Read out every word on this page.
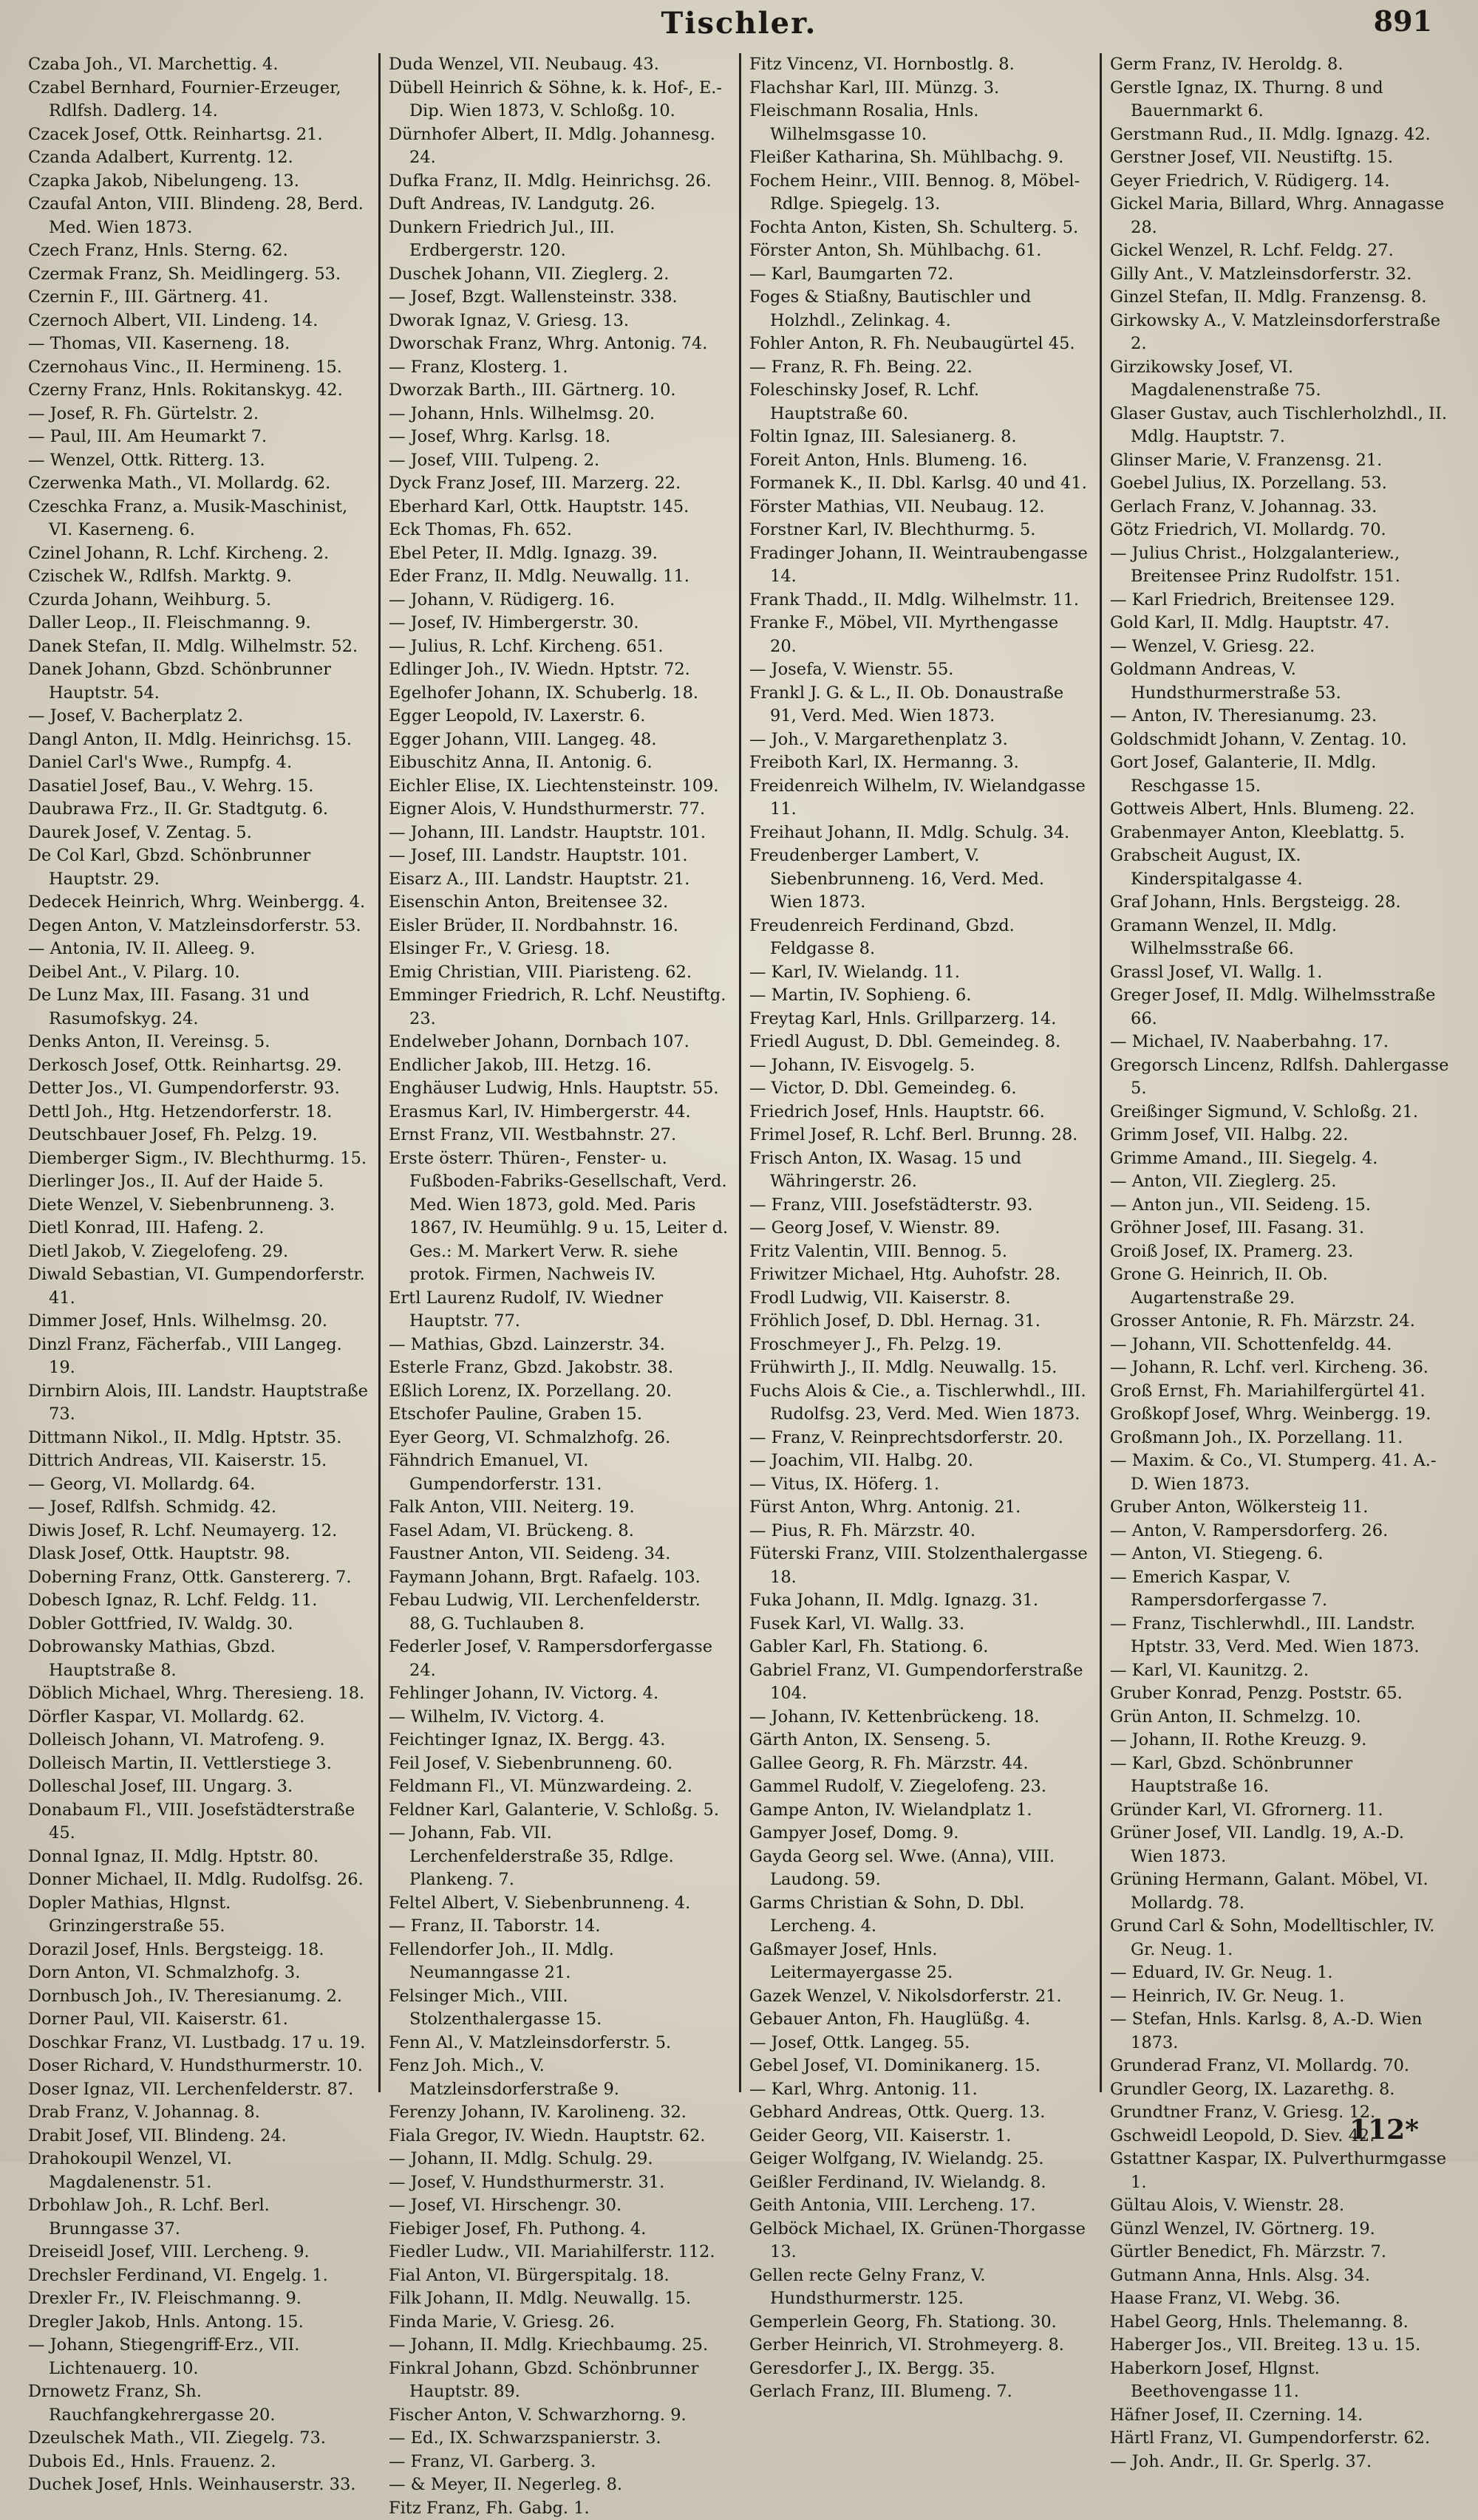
Tischler.	891
Czaba Joh., VI. Marchettig. 4.
Czabel Bernhard, Fournier-Erzeuger, Rdlfsh. Dadlerg. 14.
Czacek Josef, Ottk. Reinhartsg. 21.
Czanda Adalbert, Kurrentg. 12.
Czapka Jakob, Nibelungeng. 13.
Czaufal Anton, VIII. Blindeng. 28, Berd. Med. Wien 1873.
Czech Franz, Hnls. Sterng. 62.
Czermak Franz, Sh. Meidlingerg. 53.
Czernin F., III. Gärtnerg. 41.
Czernoch Albert, VII. Lindeng. 14.
— Thomas, VII. Kaserneng. 18.
Czernohaus Vinc., II. Hermineng. 15.
Czerny Franz, Hnls. Rokitanskyg. 42.
— Josef, R. Fh. Gürtelstr. 2.
— Paul, III. Am Heumarkt 7.
— Wenzel, Ottk. Ritterg. 13.
Czerwenka Math., VI. Mollardg. 62.
Czeschka Franz, a. Musik-Maschinist, VI. Kaserneng. 6.
Czinel Johann, R. Lchf. Kircheng. 2.
Czischek W., Rdlfsh. Marktg. 9.
Czurda Johann, Weihburg. 5.
Daller Leop., II. Fleischmanng. 9.
Danek Stefan, II. Mdlg. Wilhelmstr. 52.
Danek Johann, Gbzd. Schönbrunner Hauptstr. 54.
— Josef, V. Bacherplatz 2.
Dangl Anton, II. Mdlg. Heinrichsg. 15.
Daniel Carl's Wwe., Rumpfg. 4.
Dasatiel Josef, Bau., V. Wehrg. 15.
Daubrawa Frz., II. Gr. Stadtgutg. 6.
Daurek Josef, V. Zentag. 5.
De Col Karl, Gbzd. Schönbrunner Hauptstr. 29.
Dedecek Heinrich, Whrg. Weinbergg. 4.
Degen Anton, V. Matzleinsdorferstr. 53.
— Antonia, IV. II. Alleeg. 9.
Deibel Ant., V. Pilarg. 10.
De Lunz Max, III. Fasang. 31 und Rasumofskyg. 24.
Denks Anton, II. Vereinsg. 5.
Derkosch Josef, Ottk. Reinhartsg. 29.
Detter Jos., VI. Gumpendorferstr. 93.
Dettl Joh., Htg. Hetzendorferstr. 18.
Deutschbauer Josef, Fh. Pelzg. 19.
Diemberger Sigm., IV. Blechthurmg. 15.
Dierlinger Jos., II. Auf der Haide 5.
Diete Wenzel, V. Siebenbrunneng. 3.
Dietl Konrad, III. Hafeng. 2.
Dietl Jakob, V. Ziegelofeng. 29.
Diwald Sebastian, VI. Gumpendorferstr. 41.
Dimmer Josef, Hnls. Wilhelmsg. 20.
Dinzl Franz, Fächerfab., VIII Langeg. 19.
Dirnbirn Alois, III. Landstr. Hauptstraße 73.
Dittmann Nikol., II. Mdlg. Hptstr. 35.
Dittrich Andreas, VII. Kaiserstr. 15.
— Georg, VI. Mollardg. 64.
— Josef, Rdlfsh. Schmidg. 42.
Diwis Josef, R. Lchf. Neumayerg. 12.
Dlask Josef, Ottk. Hauptstr. 98.
Doberning Franz, Ottk. Ganstererg. 7.
Dobesch Ignaz, R. Lchf. Feldg. 11.
Dobler Gottfried, IV. Waldg. 30.
Dobrowansky Mathias, Gbzd. Hauptstraße 8.
Döblich Michael, Whrg. Theresieng. 18.
Dörfler Kaspar, VI. Mollardg. 62.
Dolleisch Johann, VI. Matrofeng. 9.
Dolleisch Martin, II. Vettlerstiege 3.
Dolleschal Josef, III. Ungarg. 3.
Donabaum Fl., VIII. Josefstädterstraße 45.
Donnal Ignaz, II. Mdlg. Hptstr. 80.
Donner Michael, II. Mdlg. Rudolfsg. 26.
Dopler Mathias, Hlgnst. Grinzingerstraße 55.
Dorazil Josef, Hnls. Bergsteigg. 18.
Dorn Anton, VI. Schmalzhofg. 3.
Dornbusch Joh., IV. Theresianumg. 2.
Dorner Paul, VII. Kaiserstr. 61.
Doschkar Franz, VI. Lustbadg. 17 u. 19.
Doser Richard, V. Hundsthurmerstr. 10.
Doser Ignaz, VII. Lerchenfelderstr. 87.
Drab Franz, V. Johannag. 8.
Drabit Josef, VII. Blindeng. 24.
Drahokoupil Wenzel, VI. Magdalenenstr. 51.
Drbohlaw Joh., R. Lchf. Berl. Brunngasse 37.
Dreiseidl Josef, VIII. Lercheng. 9.
Drechsler Ferdinand, VI. Engelg. 1.
Drexler Fr., IV. Fleischmanng. 9.
Dregler Jakob, Hnls. Antong. 15.
— Johann, Stiegengriff-Erz., VII. Lichtenauerg. 10.
Drnowetz Franz, Sh. Rauchfangkehrergasse 20.
Dzeulschek Math., VII. Ziegelg. 73.
Dubois Ed., Hnls. Frauenz. 2.
Duchek Josef, Hnls. Weinhauserstr. 33.
Duda Wenzel, VII. Neubaug. 43.
Dübell Heinrich & Söhne, k. k. Hof-, E.-Dip. Wien 1873, V. Schloßg. 10.
Dürnhofer Albert, II. Mdlg. Johannesg. 24.
Dufka Franz, II. Mdlg. Heinrichsg. 26.
Duft Andreas, IV. Landgutg. 26.
Dunkern Friedrich Jul., III. Erdbergerstr. 120.
Duschek Johann, VII. Zieglerg. 2.
— Josef, Bzgt. Wallensteinstr. 338.
Dworak Ignaz, V. Griesg. 13.
Dworschak Franz, Whrg. Antonig. 74.
— Franz, Klosterg. 1.
Dworzak Barth., III. Gärtnerg. 10.
— Johann, Hnls. Wilhelmsg. 20.
— Josef, Whrg. Karlsg. 18.
— Josef, VIII. Tulpeng. 2.
Dyck Franz Josef, III. Marzerg. 22.
Eberhard Karl, Ottk. Hauptstr. 145.
Eck Thomas, Fh. 652.
Ebel Peter, II. Mdlg. Ignazg. 39.
Eder Franz, II. Mdlg. Neuwallg. 11.
— Johann, V. Rüdigerg. 16.
— Josef, IV. Himbergerstr. 30.
— Julius, R. Lchf. Kircheng. 651.
Edlinger Joh., IV. Wiedn. Hptstr. 72.
Egelhofer Johann, IX. Schuberlg. 18.
Egger Leopold, IV. Laxerstr. 6.
Egger Johann, VIII. Langeg. 48.
Eibuschitz Anna, II. Antonig. 6.
Eichler Elise, IX. Liechtensteinstr. 109.
Eigner Alois, V. Hundsthurmerstr. 77.
— Johann, III. Landstr. Hauptstr. 101.
— Josef, III. Landstr. Hauptstr. 101.
Eisarz A., III. Landstr. Hauptstr. 21.
Eisenschin Anton, Breitensee 32.
Eisler Brüder, II. Nordbahnstr. 16.
Elsinger Fr., V. Griesg. 18.
Emig Christian, VIII. Piaristeng. 62.
Emminger Friedrich, R. Lchf. Neustiftg. 23.
Endelweber Johann, Dornbach 107.
Endlicher Jakob, III. Hetzg. 16.
Enghäuser Ludwig, Hnls. Hauptstr. 55.
Erasmus Karl, IV. Himbergerstr. 44.
Ernst Franz, VII. Westbahnstr. 27.
Erste österr. Thüren-, Fenster- u. Fußboden-Fabriks-Gesellschaft, Verd. Med. Wien 1873, gold. Med. Paris 1867, IV. Heumühlg. 9 u. 15, Leiter d. Ges.: M. Markert Verw. R. siehe protok. Firmen, Nachweis IV.
Ertl Laurenz Rudolf, IV. Wiedner Hauptstr. 77.
— Mathias, Gbzd. Lainzerstr. 34.
Esterle Franz, Gbzd. Jakobstr. 38.
Eßlich Lorenz, IX. Porzellang. 20.
Etschofer Pauline, Graben 15.
Eyer Georg, VI. Schmalzhofg. 26.
Fähndrich Emanuel, VI. Gumpendorferstr. 131.
Falk Anton, VIII. Neiterg. 19.
Fasel Adam, VI. Brückeng. 8.
Faustner Anton, VII. Seideng. 34.
Faymann Johann, Brgt. Rafaelg. 103.
Febau Ludwig, VII. Lerchenfelderstr. 88, G. Tuchlauben 8.
Federler Josef, V. Rampersdorfergasse 24.
Fehlinger Johann, IV. Victorg. 4.
— Wilhelm, IV. Victorg. 4.
Feichtinger Ignaz, IX. Bergg. 43.
Feil Josef, V. Siebenbrunneng. 60.
Feldmann Fl., VI. Münzwardeing. 2.
Feldner Karl, Galanterie, V. Schloßg. 5.
— Johann, Fab. VII. Lerchenfelderstraße 35, Rdlge. Plankeng. 7.
Feltel Albert, V. Siebenbrunneng. 4.
— Franz, II. Taborstr. 14.
Fellendorfer Joh., II. Mdlg. Neumanngasse 21.
Felsinger Mich., VIII. Stolzenthalergasse 15.
Fenn Al., V. Matzleinsdorferstr. 5.
Fenz Joh. Mich., V. Matzleinsdorferstraße 9.
Ferenzy Johann, IV. Karolineng. 32.
Fiala Gregor, IV. Wiedn. Hauptstr. 62.
— Johann, II. Mdlg. Schulg. 29.
— Josef, V. Hundsthurmerstr. 31.
— Josef, VI. Hirschengr. 30.
Fiebiger Josef, Fh. Puthong. 4.
Fiedler Ludw., VII. Mariahilferstr. 112.
Fial Anton, VI. Bürgerspitalg. 18.
Filk Johann, II. Mdlg. Neuwallg. 15.
Finda Marie, V. Griesg. 26.
— Johann, II. Mdlg. Kriechbaumg. 25.
Finkral Johann, Gbzd. Schönbrunner Hauptstr. 89.
Fischer Anton, V. Schwarzhorng. 9.
— Ed., IX. Schwarzspanierstr. 3.
— Franz, VI. Garberg. 3.
— & Meyer, II. Negerleg. 8.
Fitz Franz, Fh. Gabg. 1.
Fitz Vincenz, VI. Hornbostlg. 8.
Flachshar Karl, III. Münzg. 3.
Fleischmann Rosalia, Hnls. Wilhelmsgasse 10.
Fleißer Katharina, Sh. Mühlbachg. 9.
Fochem Heinr., VIII. Bennog. 8, Möbel-Rdlge. Spiegelg. 13.
Fochta Anton, Kisten, Sh. Schulterg. 5.
Förster Anton, Sh. Mühlbachg. 61.
— Karl, Baumgarten 72.
Foges & Stiaßny, Bautischler und Holzhdl., Zelinkag. 4.
Fohler Anton, R. Fh. Neubaugürtel 45.
— Franz, R. Fh. Being. 22.
Foleschinsky Josef, R. Lchf. Hauptstraße 60.
Foltin Ignaz, III. Salesianerg. 8.
Foreit Anton, Hnls. Blumeng. 16.
Formanek K., II. Dbl. Karlsg. 40 und 41.
Förster Mathias, VII. Neubaug. 12.
Forstner Karl, IV. Blechthurmg. 5.
Fradinger Johann, II. Weintraubengasse 14.
Frank Thadd., II. Mdlg. Wilhelmstr. 11.
Franke F., Möbel, VII. Myrthengasse 20.
— Josefa, V. Wienstr. 55.
Frankl J. G. & L., II. Ob. Donaustraße 91, Verd. Med. Wien 1873.
— Joh., V. Margarethenplatz 3.
Freiboth Karl, IX. Hermanng. 3.
Freidenreich Wilhelm, IV. Wielandgasse 11.
Freihaut Johann, II. Mdlg. Schulg. 34.
Freudenberger Lambert, V. Siebenbrunneng. 16, Verd. Med. Wien 1873.
Freudenreich Ferdinand, Gbzd. Feldgasse 8.
— Karl, IV. Wielandg. 11.
— Martin, IV. Sophieng. 6.
Freytag Karl, Hnls. Grillparzerg. 14.
Friedl August, D. Dbl. Gemeindeg. 8.
— Johann, IV. Eisvogelg. 5.
— Victor, D. Dbl. Gemeindeg. 6.
Friedrich Josef, Hnls. Hauptstr. 66.
Frimel Josef, R. Lchf. Berl. Brunng. 28.
Frisch Anton, IX. Wasag. 15 und Währingerstr. 26.
— Franz, VIII. Josefstädterstr. 93.
— Georg Josef, V. Wienstr. 89.
Fritz Valentin, VIII. Bennog. 5.
Friwitzer Michael, Htg. Auhofstr. 28.
Frodl Ludwig, VII. Kaiserstr. 8.
Fröhlich Josef, D. Dbl. Hernag. 31.
Froschmeyer J., Fh. Pelzg. 19.
Frühwirth J., II. Mdlg. Neuwallg. 15.
Fuchs Alois & Cie., a. Tischlerwhdl., III. Rudolfsg. 23, Verd. Med. Wien 1873.
— Franz, V. Reinprechtsdorferstr. 20.
— Joachim, VII. Halbg. 20.
— Vitus, IX. Höferg. 1.
Fürst Anton, Whrg. Antonig. 21.
— Pius, R. Fh. Märzstr. 40.
Füterski Franz, VIII. Stolzenthalergasse 18.
Fuka Johann, II. Mdlg. Ignazg. 31.
Fusek Karl, VI. Wallg. 33.
Gabler Karl, Fh. Stationg. 6.
Gabriel Franz, VI. Gumpendorferstraße 104.
— Johann, IV. Kettenbrückeng. 18.
Gärth Anton, IX. Senseng. 5.
Gallee Georg, R. Fh. Märzstr. 44.
Gammel Rudolf, V. Ziegelofeng. 23.
Gampe Anton, IV. Wielandplatz 1.
Gampyer Josef, Domg. 9.
Gayda Georg sel. Wwe. (Anna), VIII. Laudong. 59.
Garms Christian & Sohn, D. Dbl. Lercheng. 4.
Gaßmayer Josef, Hnls. Leitermayergasse 25.
Gazek Wenzel, V. Nikolsdorferstr. 21.
Gebauer Anton, Fh. Hauglüßg. 4.
— Josef, Ottk. Langeg. 55.
Gebel Josef, VI. Dominikanerg. 15.
— Karl, Whrg. Antonig. 11.
Gebhard Andreas, Ottk. Querg. 13.
Geider Georg, VII. Kaiserstr. 1.
Geiger Wolfgang, IV. Wielandg. 25.
Geißler Ferdinand, IV. Wielandg. 8.
Geith Antonia, VIII. Lercheng. 17.
Gelböck Michael, IX. Grünen-Thorgasse 13.
Gellen recte Gelny Franz, V. Hundsthurmerstr. 125.
Gemperlein Georg, Fh. Stationg. 30.
Gerber Heinrich, VI. Strohmeyerg. 8.
Geresdorfer J., IX. Bergg. 35.
Gerlach Franz, III. Blumeng. 7.
Germ Franz, IV. Heroldg. 8.
Gerstle Ignaz, IX. Thurng. 8 und Bauernmarkt 6.
Gerstmann Rud., II. Mdlg. Ignazg. 42.
Gerstner Josef, VII. Neustiftg. 15.
Geyer Friedrich, V. Rüdigerg. 14.
Gickel Maria, Billard, Whrg. Annagasse 28.
Gickel Wenzel, R. Lchf. Feldg. 27.
Gilly Ant., V. Matzleinsdorferstr. 32.
Ginzel Stefan, II. Mdlg. Franzensg. 8.
Girkowsky A., V. Matzleinsdorferstraße 2.
Girzikowsky Josef, VI. Magdalenenstraße 75.
Glaser Gustav, auch Tischlerholzhdl., II. Mdlg. Hauptstr. 7.
Glinser Marie, V. Franzensg. 21.
Goebel Julius, IX. Porzellang. 53.
Gerlach Franz, V. Johannag. 33.
Götz Friedrich, VI. Mollardg. 70.
— Julius Christ., Holzgalanteriew., Breitensee Prinz Rudolfstr. 151.
— Karl Friedrich, Breitensee 129.
Gold Karl, II. Mdlg. Hauptstr. 47.
— Wenzel, V. Griesg. 22.
Goldmann Andreas, V. Hundsthurmerstraße 53.
— Anton, IV. Theresianumg. 23.
Goldschmidt Johann, V. Zentag. 10.
Gort Josef, Galanterie, II. Mdlg. Reschgasse 15.
Gottweis Albert, Hnls. Blumeng. 22.
Grabenmayer Anton, Kleeblattg. 5.
Grabscheit August, IX. Kinderspitalgasse 4.
Graf Johann, Hnls. Bergsteigg. 28.
Gramann Wenzel, II. Mdlg. Wilhelmsstraße 66.
Grassl Josef, VI. Wallg. 1.
Greger Josef, II. Mdlg. Wilhelmsstraße 66.
— Michael, IV. Naaberbahng. 17.
Gregorsch Lincenz, Rdlfsh. Dahlergasse 5.
Greißinger Sigmund, V. Schloßg. 21.
Grimm Josef, VII. Halbg. 22.
Grimme Amand., III. Siegelg. 4.
— Anton, VII. Zieglerg. 25.
— Anton jun., VII. Seideng. 15.
Gröhner Josef, III. Fasang. 31.
Groiß Josef, IX. Pramerg. 23.
Grone G. Heinrich, II. Ob. Augartenstraße 29.
Grosser Antonie, R. Fh. Märzstr. 24.
— Johann, VII. Schottenfeldg. 44.
— Johann, R. Lchf. verl. Kircheng. 36.
Groß Ernst, Fh. Mariahilfergürtel 41.
Großkopf Josef, Whrg. Weinbergg. 19.
Großmann Joh., IX. Porzellang. 11.
— Maxim. & Co., VI. Stumperg. 41. A.-D. Wien 1873.
Gruber Anton, Wölkersteig 11.
— Anton, V. Rampersdorferg. 26.
— Anton, VI. Stiegeng. 6.
— Emerich Kaspar, V. Rampersdorfergasse 7.
— Franz, Tischlerwhdl., III. Landstr. Hptstr. 33, Verd. Med. Wien 1873.
— Karl, VI. Kaunitzg. 2.
Gruber Konrad, Penzg. Poststr. 65.
Grün Anton, II. Schmelzg. 10.
— Johann, II. Rothe Kreuzg. 9.
— Karl, Gbzd. Schönbrunner Hauptstraße 16.
Gründer Karl, VI. Gfrornerg. 11.
Grüner Josef, VII. Landlg. 19, A.-D. Wien 1873.
Grüning Hermann, Galant. Möbel, VI. Mollardg. 78.
Grund Carl & Sohn, Modelltischler, IV. Gr. Neug. 1.
— Eduard, IV. Gr. Neug. 1.
— Heinrich, IV. Gr. Neug. 1.
— Stefan, Hnls. Karlsg. 8, A.-D. Wien 1873.
Grunderad Franz, VI. Mollardg. 70.
Grundler Georg, IX. Lazarethg. 8.
Grundtner Franz, V. Griesg. 12.
Gschweidl Leopold, D. Siev. 42.
Gstattner Kaspar, IX. Pulverthurmgasse 1.
Gültau Alois, V. Wienstr. 28.
Günzl Wenzel, IV. Görtnerg. 19.
Gürtler Benedict, Fh. Märzstr. 7.
Gutmann Anna, Hnls. Alsg. 34.
Haase Franz, VI. Webg. 36.
Habel Georg, Hnls. Thelemanng. 8.
Haberger Jos., VII. Breiteg. 13 u. 15.
Haberkorn Josef, Hlgnst. Beethovengasse 11.
Häfner Josef, II. Czerning. 14.
Härtl Franz, VI. Gumpendorferstr. 62.
— Joh. Andr., II. Gr. Sperlg. 37.
112*
